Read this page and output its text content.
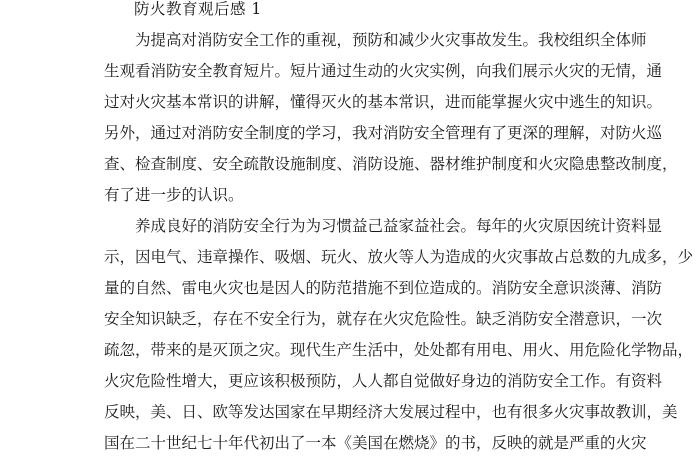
防火教育观后感 1
为提高对消防安全工作的重视，预防和减少火灾事故发生。我校组织全体师
生观看消防安全教育短片。短片通过生动的火灾实例，向我们展示火灾的无情，通
过对火灾基本常识的讲解，懂得灭火的基本常识，进而能掌握火灾中逃生的知识。
另外，通过对消防安全制度的学习，我对消防安全管理有了更深的理解，对防火巡
查、检查制度、安全疏散设施制度、消防设施、器材维护制度和火灾隐患整改制度，
有了进一步的认识。
养成良好的消防安全行为为习惯益己益家益社会。每年的火灾原因统计资料显
示，因电气、违章操作、吸烟、玩火、放火等人为造成的火灾事故占总数的九成多，少
量的自然、雷电火灾也是因人的防范措施不到位造成的。消防安全意识淡薄、消防
安全知识缺乏，存在不安全行为，就存在火灾危险性。缺乏消防安全潜意识，一次
疏忽，带来的是灭顶之灾。现代生产生活中，处处都有用电、用火、用危险化学物品，
火灾危险性增大，更应该积极预防，人人都自觉做好身边的消防安全工作。有资料
反映，美、日、欧等发达国家在早期经济大发展过程中，也有很多火灾事故教训，美
国在二十世纪七十年代初出了一本《美国在燃烧》的书，反映的就是严重的火灾
